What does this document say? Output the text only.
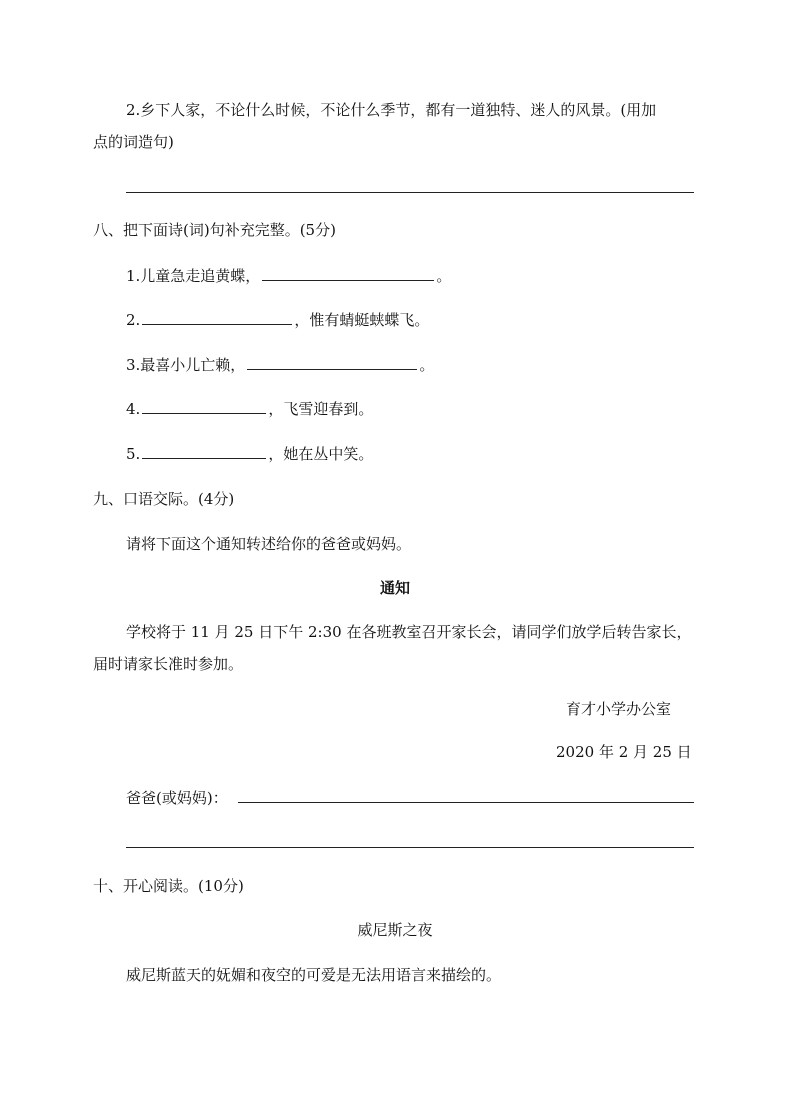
2.乡下人家，不论什么时候，不论什么季节，都有一道独特、迷人的风景。(用加
点的词造句)
八、把下面诗(词)句补充完整。(5分)
1.儿童急走追黄蝶，	。
2.	，惟有蜻蜓蛱蝶飞。
3.最喜小儿亡赖，	。
4.	，飞雪迎春到。
5.	，她在丛中笑。
九、口语交际。(4分)
请将下面这个通知转述给你的爸爸或妈妈。
通知
学校将于 11 月 25 日下午 2:30 在各班教室召开家长会，请同学们放学后转告家长，
届时请家长准时参加。
育才小学办公室
2020 年 2 月 25 日
爸爸(或妈妈)：
十、开心阅读。(10分)
威尼斯之夜
威尼斯蓝天的妩媚和夜空的可爱是无法用语言来描绘的。
